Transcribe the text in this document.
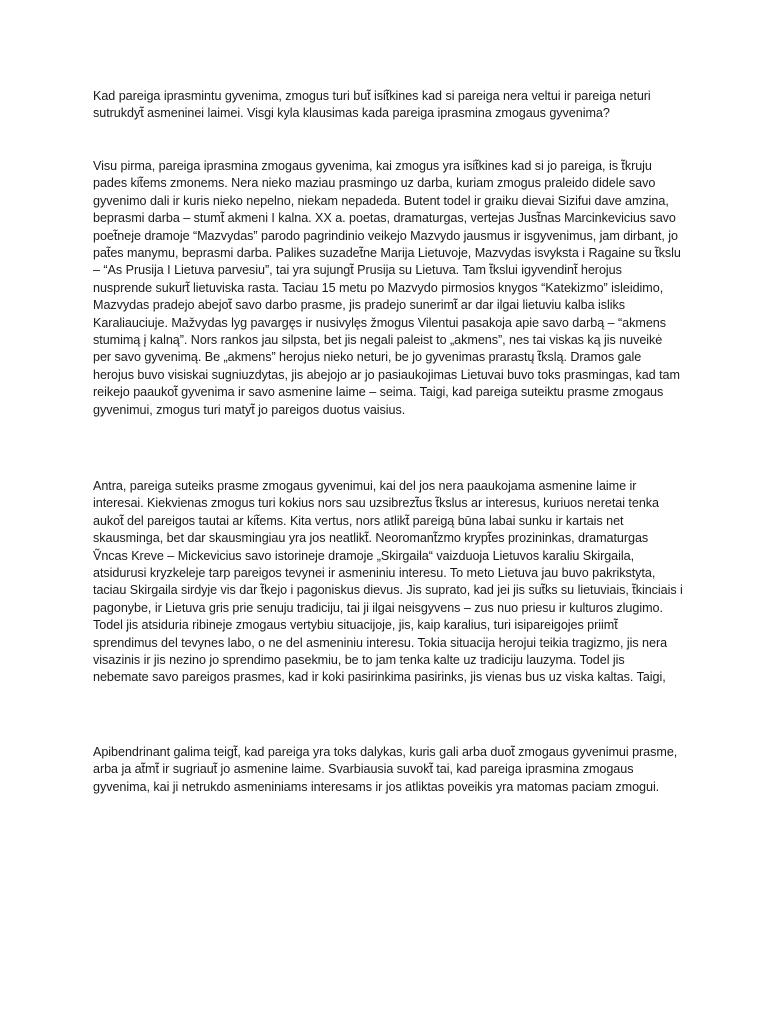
Kad pareiga iprasmintu gyvenima, zmogus turi but̃ isit̃kines kad si pareiga nera veltui ir pareiga neturi sutrukdyt̃ asmeninei laimei. Visgi kyla klausimas kada pareiga iprasmina zmogaus gyvenima?

Visu pirma, pareiga iprasmina zmogaus gyvenima, kai zmogus yra isit̃kines kad si jo pareiga, is t̃kruju pades kit̃ems zmonems. Nera nieko maziau prasmingo uz darba, kuriam zmogus praleido didele savo gyvenimo dali ir kuris nieko nepelno, niekam nepadeda. Butent todel ir graiku dievai Sizifui dave amzina, beprasmi darba – stumt̃ akmeni I kalna. XX a. poetas, dramaturgas, vertejas Just̃nas Marcinkevicius savo poet̃neje dramoje “Mazvydas” parodo pagrindinio veikejo Mazvydo jausmus ir isgyvenimus, jam dirbant, jo pat̃es manymu, beprasmi darba. Palikes suzadet̃ne Marija Lietuvoje, Mazvydas isvyksta i Ragaine su t̃kslu – “As Prusija I Lietuva parvesiu”, tai yra sujungt̃ Prusija su Lietuva. Tam t̃kslui igyvendint̃ herojus nusprende sukurt̃ lietuviska rasta. Taciau 15 metu po Mazvydo pirmosios knygos “Katekizmo” isleidimo, Mazvydas pradejo abejot̃ savo darbo prasme, jis pradejo sunerimt̃ ar dar ilgai lietuviu kalba isliks Karaliauciuje. Mažvydas lyg pavargęs ir nusivylęs žmogus Vilentui pasakoja apie savo darbą – “akmens stumimą į kalną”. Nors rankos jau silpsta, bet jis negali paleist to „akmens”, nes tai viskas ką jis nuveikė per savo gyvenimą. Be „akmens” herojus nieko neturi, be jo gyvenimas prarastų t̃kslą. Dramos gale herojus buvo visiskai sugniuzdytas, jis abejojo ar jo pasiaukojimas Lietuvai buvo toks prasmingas, kad tam reikejo paaukot̃ gyvenima ir savo asmenine laime – seima. Taigi, kad pareiga suteiktu prasme zmogaus gyvenimui, zmogus turi matyt̃ jo pareigos duotus vaisius.

Antra, pareiga suteiks prasme zmogaus gyvenimui, kai del jos nera paaukojama asmenine laime ir interesai. Kiekvienas zmogus turi kokius nors sau uzsibrezt̃us t̃kslus ar interesus, kuriuos neretai tenka aukot̃ del pareigos tautai ar kit̃ems. Kita vertus, nors atlikt̃ pareigą būna labai sunku ir kartais net skausminga, bet dar skausmingiau yra jos neatlikt̃. Neoromant̃zmo krypt̃es prozininkas, dramaturgas Ṽncas Kreve – Mickevicius savo istorineje dramoje „Skirgaila“ vaizduoja Lietuvos karaliu Skirgaila, atsidurusi kryzkeleje tarp pareigos tevynei ir asmeniniu interesu. To meto Lietuva jau buvo pakrikstyta, taciau Skirgaila sirdyje vis dar t̃kejo i pagoniskus dievus. Jis suprato, kad jei jis sut̃ks su lietuviais, t̃kinciais i pagonybe, ir Lietuva gris prie senuju tradiciju, tai ji ilgai neisgyvens – zus nuo priesu ir kulturos zlugimo. Todel jis atsiduria ribineje zmogaus vertybiu situacijoje, jis, kaip karalius, turi isipareigojes priimt̃ sprendimus del tevynes labo, o ne del asmeniniu interesu. Tokia situacija herojui teikia tragizmo, jis nera visazinis ir jis nezino jo sprendimo pasekmiu, be to jam tenka kalte uz tradiciju lauzyma. Todel jis nebemate savo pareigos prasmes, kad ir koki pasirinkima pasirinks, jis vienas bus uz viska kaltas. Taigi,

Apibendrinant galima teigt̃, kad pareiga yra toks dalykas, kuris gali arba duot̃ zmogaus gyvenimui prasme, arba ja at̃mt̃ ir sugriaut̃ jo asmenine laime. Svarbiausia suvokt̃ tai, kad pareiga iprasmina zmogaus gyvenima, kai ji netrukdo asmeniniams interesams ir jos atliktas poveikis yra matomas paciam zmogui.
